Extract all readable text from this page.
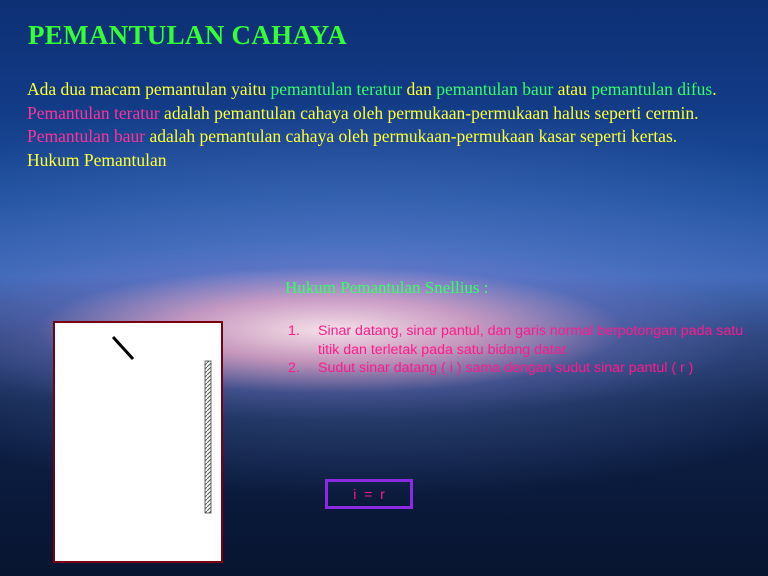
PEMANTULAN CAHAYA

Ada dua macam pemantulan yaitu pemantulan teratur dan pemantulan baur atau pemantulan difus.

Pemantulan teratur adalah pemantulan cahaya oleh permukaan-permukaan halus seperti cermin.

Pemantulan baur adalah pemantulan cahaya oleh permukaan-permukaan kasar seperti kertas.

Hukum Pemantulan

Hukum Pemantulan Snellius :
1. Sinar datang, sinar pantul, dan garis normal berpotongan pada satu titik dan terletak pada satu bidang datar.
2. Sudut sinar datang ( i ) sama dengan sudut sinar pantul ( r )
i  =  r
